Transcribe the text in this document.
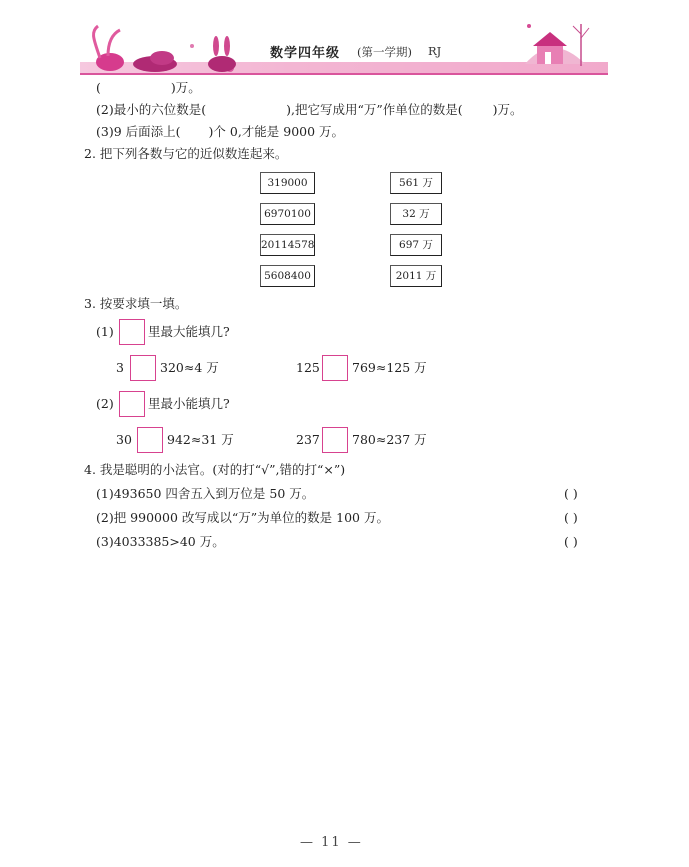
数学四年级 (第一学期) RJ
(	)万。
(2)最小的六位数是(	),把它写成用“万”作单位的数是( )万。
(3)9 后面添上( )个 0,才能是 9000 万。
2. 把下列各数与它的近似数连起来。
319000
6970100
20114578
5608400
561 万
32 万
697 万
2011 万
3. 按要求填一填。
(1)	里最大能填几?
3	320≈4 万	125	769≈125 万
(2)	里最小能填几?
30	942≈31 万	237	780≈237 万
4. 我是聪明的小法官。(对的打“√”,错的打“×”)
(1)493650 四舍五入到万位是 50 万。	( )
(2)把 990000 改写成以“万”为单位的数是 100 万。	( )
(3)4033385>40 万。	( )
— 11 —
